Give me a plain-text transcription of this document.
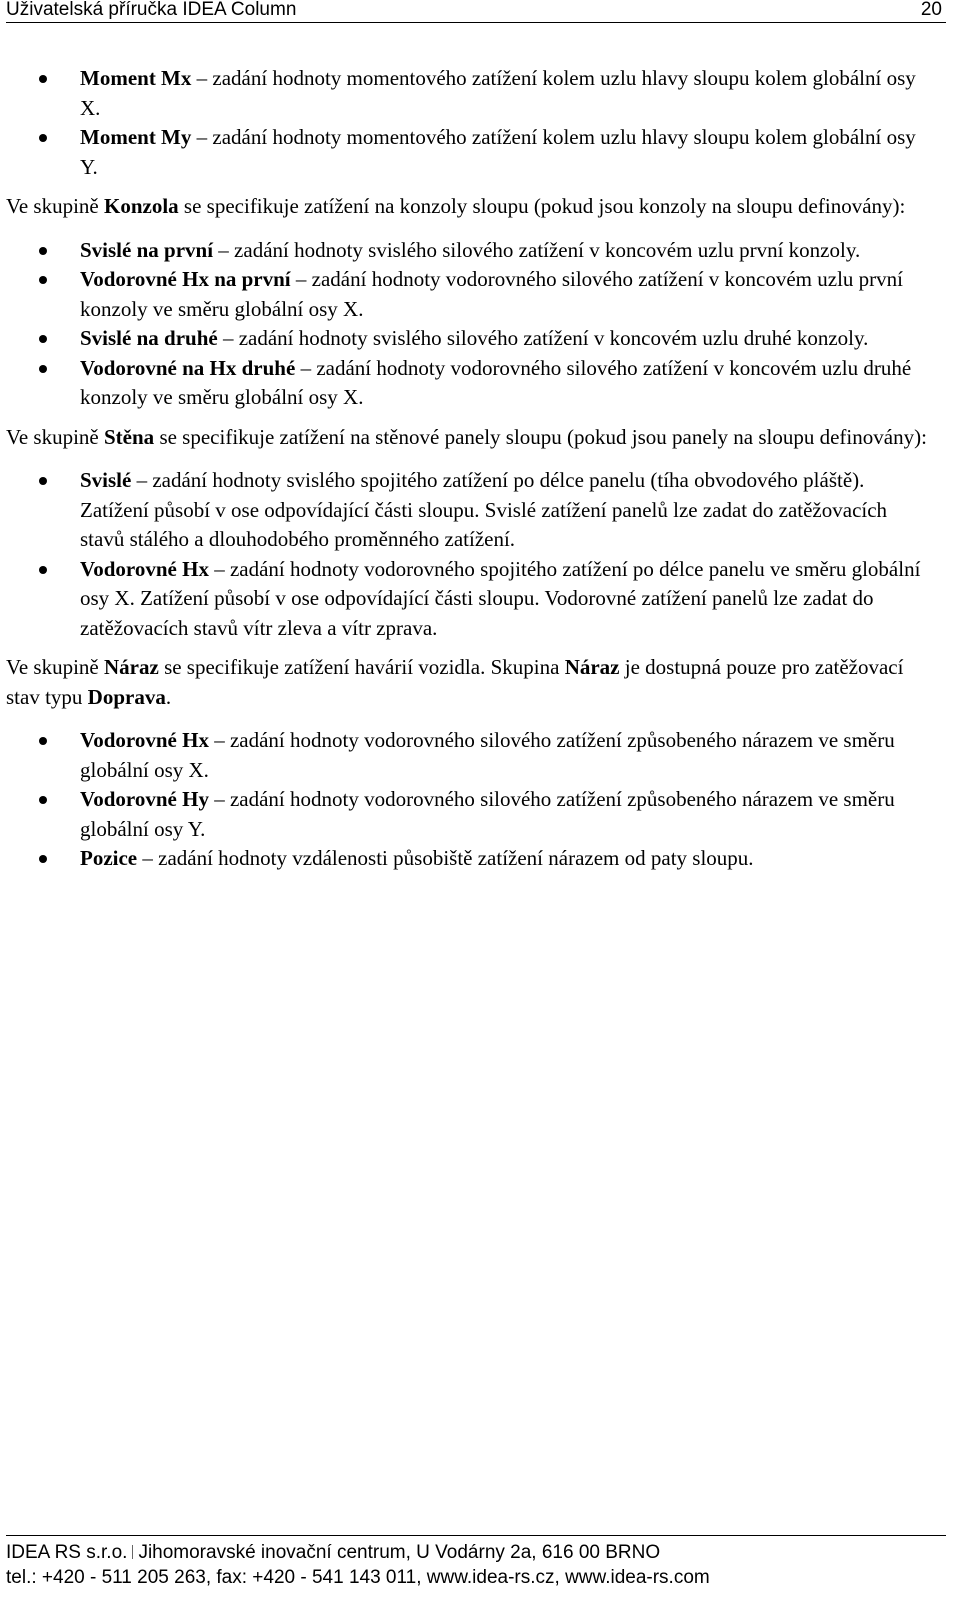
Uživatelská příručka IDEA Column	20
Moment Mx – zadání hodnoty momentového zatížení kolem uzlu hlavy sloupu kolem globální osy X.
Moment My – zadání hodnoty momentového zatížení kolem uzlu hlavy sloupu kolem globální osy Y.

Ve skupině Konzola se specifikuje zatížení na konzoly sloupu (pokud jsou konzoly na sloupu definovány):

Svislé na první – zadání hodnoty svislého silového zatížení v koncovém uzlu první konzoly.
Vodorovné Hx na první – zadání hodnoty vodorovného silového zatížení v koncovém uzlu první konzoly ve směru globální osy X.
Svislé na druhé – zadání hodnoty svislého silového zatížení v koncovém uzlu druhé konzoly.
Vodorovné na Hx druhé – zadání hodnoty vodorovného silového zatížení v koncovém uzlu druhé konzoly ve směru globální osy X.

Ve skupině Stěna se specifikuje zatížení na stěnové panely sloupu (pokud jsou panely na sloupu definovány):

Svislé – zadání hodnoty svislého spojitého zatížení po délce panelu (tíha obvodového pláště). Zatížení působí v ose odpovídající části sloupu. Svislé zatížení panelů lze zadat do zatěžovacích stavů stálého a dlouhodobého proměnného zatížení.
Vodorovné Hx – zadání hodnoty vodorovného spojitého zatížení po délce panelu ve směru globální osy X. Zatížení působí v ose odpovídající části sloupu. Vodorovné zatížení panelů lze zadat do zatěžovacích stavů vítr zleva a vítr zprava.

Ve skupině Náraz se specifikuje zatížení havárií vozidla. Skupina Náraz je dostupná pouze pro zatěžovací stav typu Doprava.

Vodorovné Hx – zadání hodnoty vodorovného silového zatížení způsobeného nárazem ve směru globální osy X.
Vodorovné Hy – zadání hodnoty vodorovného silového zatížení způsobeného nárazem ve směru globální osy Y.
Pozice – zadání hodnoty vzdálenosti působiště zatížení nárazem od paty sloupu.
IDEA RS s.r.o. Jihomoravské inovační centrum, U Vodárny 2a, 616 00 BRNO
tel.: +420 - 511 205 263, fax: +420 - 541 143 011, www.idea-rs.cz, www.idea-rs.com
